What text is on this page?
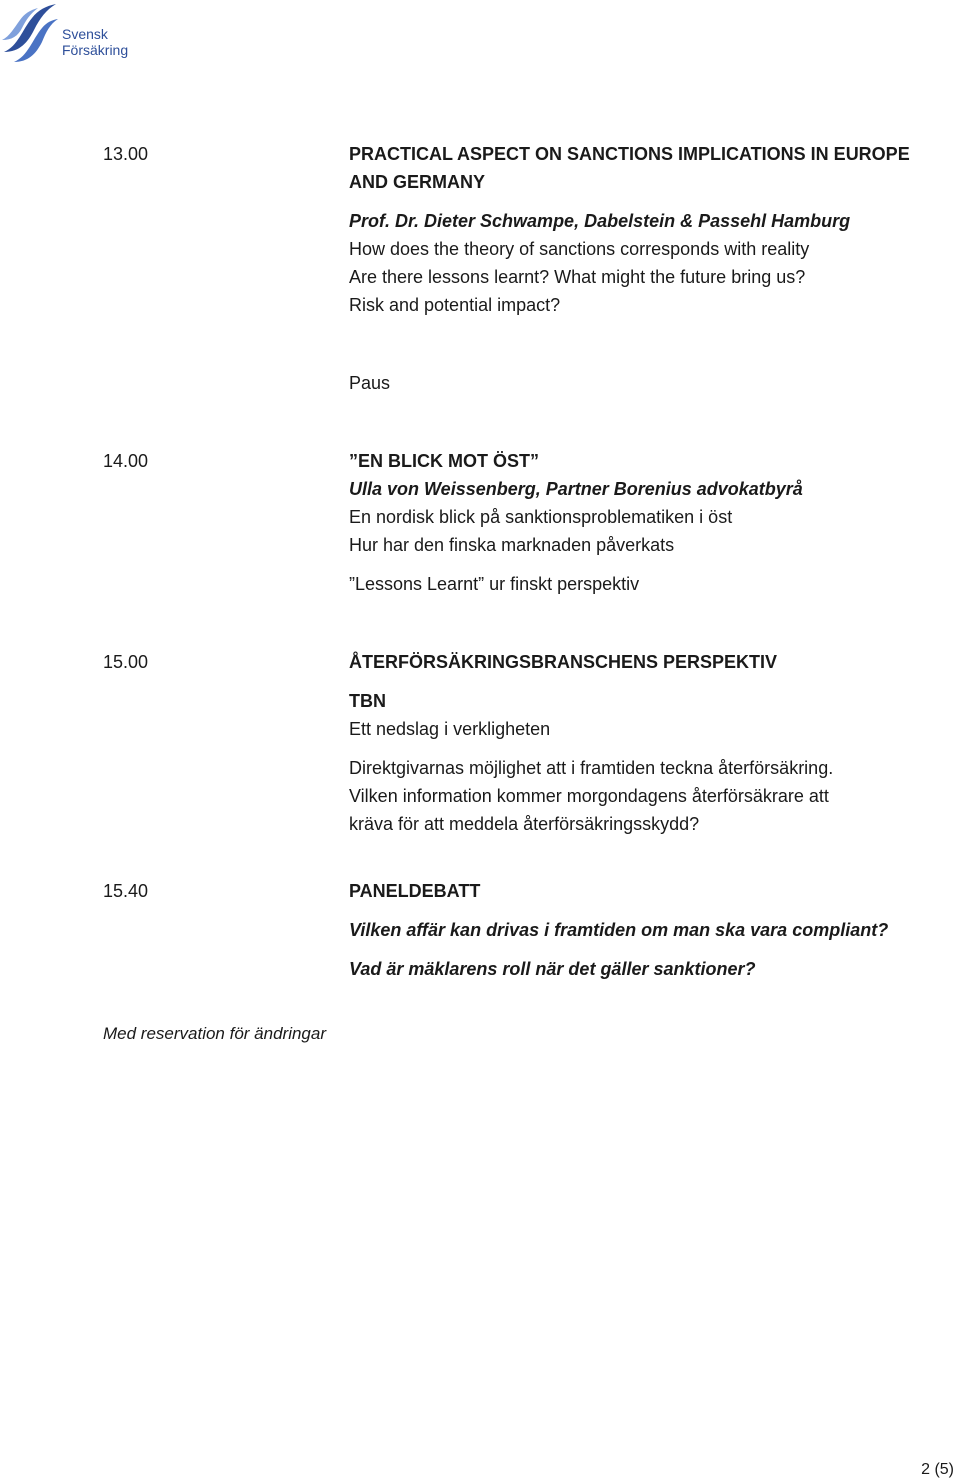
Svensk Försäkring
13.00	PRACTICAL ASPECT ON SANCTIONS IMPLICATIONS IN EUROPE
AND GERMANY
Prof. Dr. Dieter Schwampe, Dabelstein & Passehl Hamburg
How does the theory of sanctions corresponds with reality
Are there lessons learnt? What might the future bring us?
Risk and potential impact?
Paus
14.00	”EN BLICK MOT ÖST”
Ulla von Weissenberg, Partner Borenius advokatbyrå
En nordisk blick på sanktionsproblematiken i öst
Hur har den finska marknaden påverkats
”Lessons Learnt” ur finskt perspektiv
15.00	ÅTERFÖRSÄKRINGSBRANSCHENS PERSPEKTIV
TBN
Ett nedslag i verkligheten
Direktgivarnas möjlighet att i framtiden teckna återförsäkring.
Vilken information kommer morgondagens återförsäkrare att
kräva för att meddela återförsäkringsskydd?
15.40	PANELDEBATT
Vilken affär kan drivas i framtiden om man ska vara compliant?
Vad är mäklarens roll när det gäller sanktioner?
Med reservation för ändringar
2 (5)
